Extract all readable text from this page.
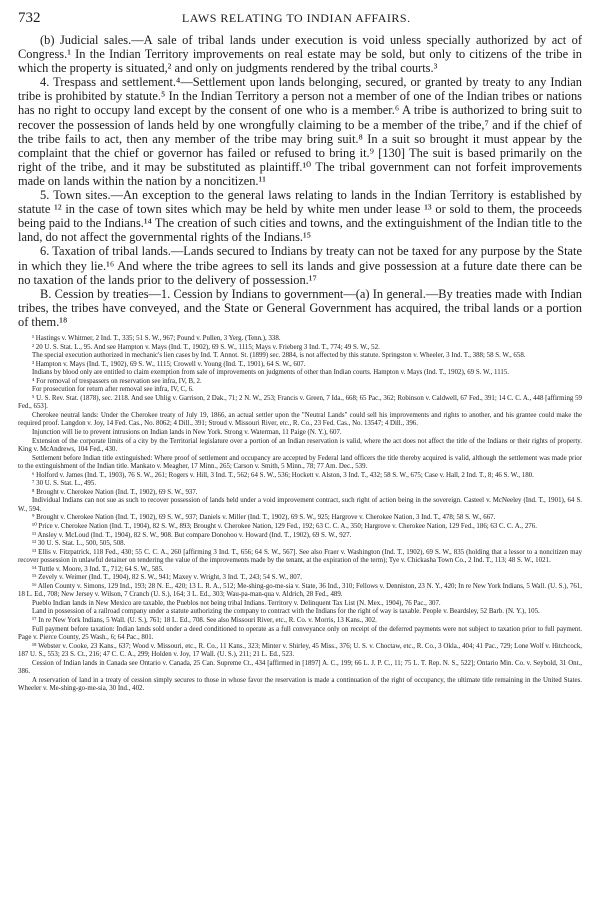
732	LAWS RELATING TO INDIAN AFFAIRS.

(b) Judicial sales.—A sale of tribal lands under execution is void unless specially authorized by act of Congress.¹ In the Indian Territory improvements on real estate may be sold, but only to citizens of the tribe in which the property is situated,² and only on judgments rendered by the tribal courts.³

4. Trespass and settlement.⁴—Settlement upon lands belonging, secured, or granted by treaty to any Indian tribe is prohibited by statute.⁵ In the Indian Territory a person not a member of one of the Indian tribes or nations has no right to occupy land except by the consent of one who is a member.⁶ A tribe is authorized to bring suit to recover the possession of lands held by one wrongfully claiming to be a member of the tribe,⁷ and if the chief of the tribe fails to act, then any member of the tribe may bring suit.⁸ In a suit so brought it must appear by the complaint that the chief or governor has failed or refused to bring it.⁹ [130] The suit is based primarily on the right of the tribe, and it may be substituted as plaintiff.¹⁰ The tribal government can not forfeit improvements made on lands within the nation by a noncitizen.¹¹

5. Town sites.—An exception to the general laws relating to lands in the Indian Territory is established by statute ¹² in the case of town sites which may be held by white men under lease ¹³ or sold to them, the proceeds being paid to the Indians.¹⁴ The creation of such cities and towns, and the extinguishment of the Indian title to the land, do not affect the governmental rights of the Indians.¹⁵

6. Taxation of tribal lands.—Lands secured to Indians by treaty can not be taxed for any purpose by the State in which they lie.¹⁶ And where the tribe agrees to sell its lands and give possession at a future date there can be no taxation of the lands prior to the delivery of possession.¹⁷

B. Cession by treaties—1. Cession by Indians to government—(a) In general.—By treaties made with Indian tribes, the tribes have conveyed, and the State or General Government has acquired, the tribal lands or a portion of them.¹⁸

¹ Hastings v. Whitmer, 2 Ind. T., 335; 51 S. W., 967; Pound v. Pullen, 3 Yerg. (Tenn.), 338.
² 20 U. S. Stat. L., 95. And see Hampton v. Mays (Ind. T., 1902), 69 S. W., 1115; Mays v. Frieberg 3 Ind. T., 774; 49 S. W., 52.
The special execution authorized in mechanic's lien cases by Ind. T. Annot. St. (1899) sec. 2884, is not affected by this statute. Springston v. Wheeler, 3 Ind. T., 388; 58 S. W., 658.
³ Hampton v. Mays (Ind. T., 1902), 69 S. W., 1115; Crowell v. Young (Ind. T., 1901), 64 S. W., 607.
Indians by blood only are entitled to claim exemption from sale of improvements on judgments of other than Indian courts. Hampton v. Mays (Ind. T., 1902), 69 S. W., 1115.
⁴ For removal of trespassers on reservation see infra, IV, B, 2.
For prosecution for return after removal see infra, IV, C, 6.
⁵ U. S. Rev. Stat. (1878), sec. 2118. And see Uhlig v. Garrison, 2 Dak., 71; 2 N. W., 253; Francis v. Green, 7 Ida., 668; 65 Pac., 362; Robinson v. Caldwell, 67 Fed., 391; 14 C. C. A., 448 [affirming 59 Fed., 653].
Cherokee neutral lands: Under the Cherokee treaty of July 19, 1866, an actual settler upon the "Neutral Lands" could sell his improvements and rights to another, and his grantee could make the required proof. Langdon v. Joy, 14 Fed. Cas., No. 8062; 4 Dill., 391; Stroud v. Missouri River, etc., R. Co., 23 Fed. Cas., No. 13547; 4 Dill., 396.
Injunction will lie to prevent intrusions on Indian lands in New York. Strong v. Waterman, 11 Paige (N. Y.), 607.
Extension of the corporate limits of a city by the Territorial legislature over a portion of an Indian reservation is valid, where the act does not affect the title of the Indians or their rights of property. King v. McAndrews, 104 Fed., 430.
Settlement before Indian title extinguished: Where proof of settlement and occupancy are accepted by Federal land officers the title thereby acquired is valid, although the settlement was made prior to the extinguishment of the Indian title. Mankato v. Meagher, 17 Minn., 265; Carson v. Smith, 5 Minn., 78; 77 Am. Dec., 539.
⁶ Holford v. James (Ind. T., 1903), 76 S. W., 261; Rogers v. Hill, 3 Ind. T., 562; 64 S. W., 536; Hockett v. Alston, 3 Ind. T., 432; 58 S. W., 675; Case v. Hall, 2 Ind. T., 8; 46 S. W., 180.
⁷ 30 U. S. Stat. L., 495.
⁸ Brought v. Cherokee Nation (Ind. T., 1902), 69 S. W., 937.
Individual Indians can not sue as such to recover possession of lands held under a void improvement contract, such right of action being in the sovereign. Casteel v. McNeeley (Ind. T., 1901), 64 S. W., 594.
⁹ Brought v. Cherokee Nation (Ind. T., 1902), 69 S. W., 937; Daniels v. Miller (Ind. T., 1902), 69 S. W., 925; Hargrove v. Cherokee Nation, 3 Ind. T., 478; 58 S. W., 667.
¹⁰ Price v. Cherokee Nation (Ind. T., 1904), 82 S. W., 893; Brought v. Cherokee Nation, 129 Fed., 192; 63 C. C. A., 350; Hargrove v. Cherokee Nation, 129 Fed., 186; 63 C. C. A., 276.
¹¹ Ansley v. McLoud (Ind. T., 1904), 82 S. W., 908. But compare Donohoo v. Howard (Ind. T., 1902), 69 S. W., 927.
¹² 30 U. S. Stat. L., 500, 505, 508.
¹³ Ellis v. Fitzpatrick, 118 Fed., 430; 55 C. C. A., 260 [affirming 3 Ind. T., 656; 64 S. W., 567]. See also Fraer v. Washington (Ind. T., 1902), 69 S. W., 835 (holding that a lessor to a noncitizen may recover possession in unlawful detainer on tendering the value of the improvements made by the tenant, at the expiration of the term); Tye v. Chickasha Town Co., 2 Ind. T., 113; 48 S. W., 1021.
¹⁴ Tuttle v. Moore, 3 Ind. T., 712; 64 S. W., 585.
¹⁵ Zevely v. Weimer (Ind. T., 1904), 82 S. W., 941; Maxey v. Wright, 3 Ind. T., 243; 54 S. W., 807.
¹⁶ Allen County v. Simons, 129 Ind., 193; 28 N. E., 420; 13 L. R. A., 512; Me-shing-go-me-sia v. State, 36 Ind., 310; Fellows v. Denniston, 23 N. Y., 420; In re New York Indians, 5 Wall. (U. S.), 761, 18 L. Ed., 708; New Jersey v. Wilson, 7 Cranch (U. S.), 164; 3 L. Ed., 303; Wau-pa-man-qua v. Aldrich, 28 Fed., 489.
Pueblo Indian lands in New Mexico are taxable, the Pueblos not being tribal Indians. Territory v. Delinquent Tax List (N. Mex., 1904), 76 Pac., 307.
Land in possession of a railroad company under a statute authorizing the company to contract with the Indians for the right of way is taxable. People v. Beardsley, 52 Barb. (N. Y.), 105.
¹⁷ In re New York Indians, 5 Wall. (U. S.), 761; 18 L. Ed., 708. See also Missouri River, etc., R. Co. v. Morris, 13 Kans., 302.
Full payment before taxation: Indian lands sold under a deed conditioned to operate as a full conveyance only on receipt of the deferred payments were not subject to taxation prior to full payment. Page v. Pierce County, 25 Wash., 6; 64 Pac., 801.
¹⁸ Webster v. Cooke, 23 Kans., 637; Wood v. Missouri, etc., R. Co., 11 Kans., 323; Minter v. Shirley, 45 Miss., 376; U. S. v. Choctaw, etc., R. Co., 3 Okla., 404; 41 Pac., 729; Lone Wolf v. Hitchcock, 187 U. S., 553; 23 S. Ct., 216; 47 C. C. A., 299; Holden v. Joy, 17 Wall. (U. S.), 211; 21 L. Ed., 523.
Cession of Indian lands in Canada see Ontario v. Canada, 25 Can. Supreme Ct., 434 [affirmed in [1897] A. C., 199; 66 L. J. P. C., 11; 75 L. T. Rep. N. S., 522]; Ontario Min. Co. v. Seybold, 31 Ont., 386.
A reservation of land in a treaty of cession simply secures to those in whose favor the reservation is made a continuation of the right of occupancy, the ultimate title remaining in the United States. Wheeler v. Me-shing-go-me-sia, 30 Ind., 402.
